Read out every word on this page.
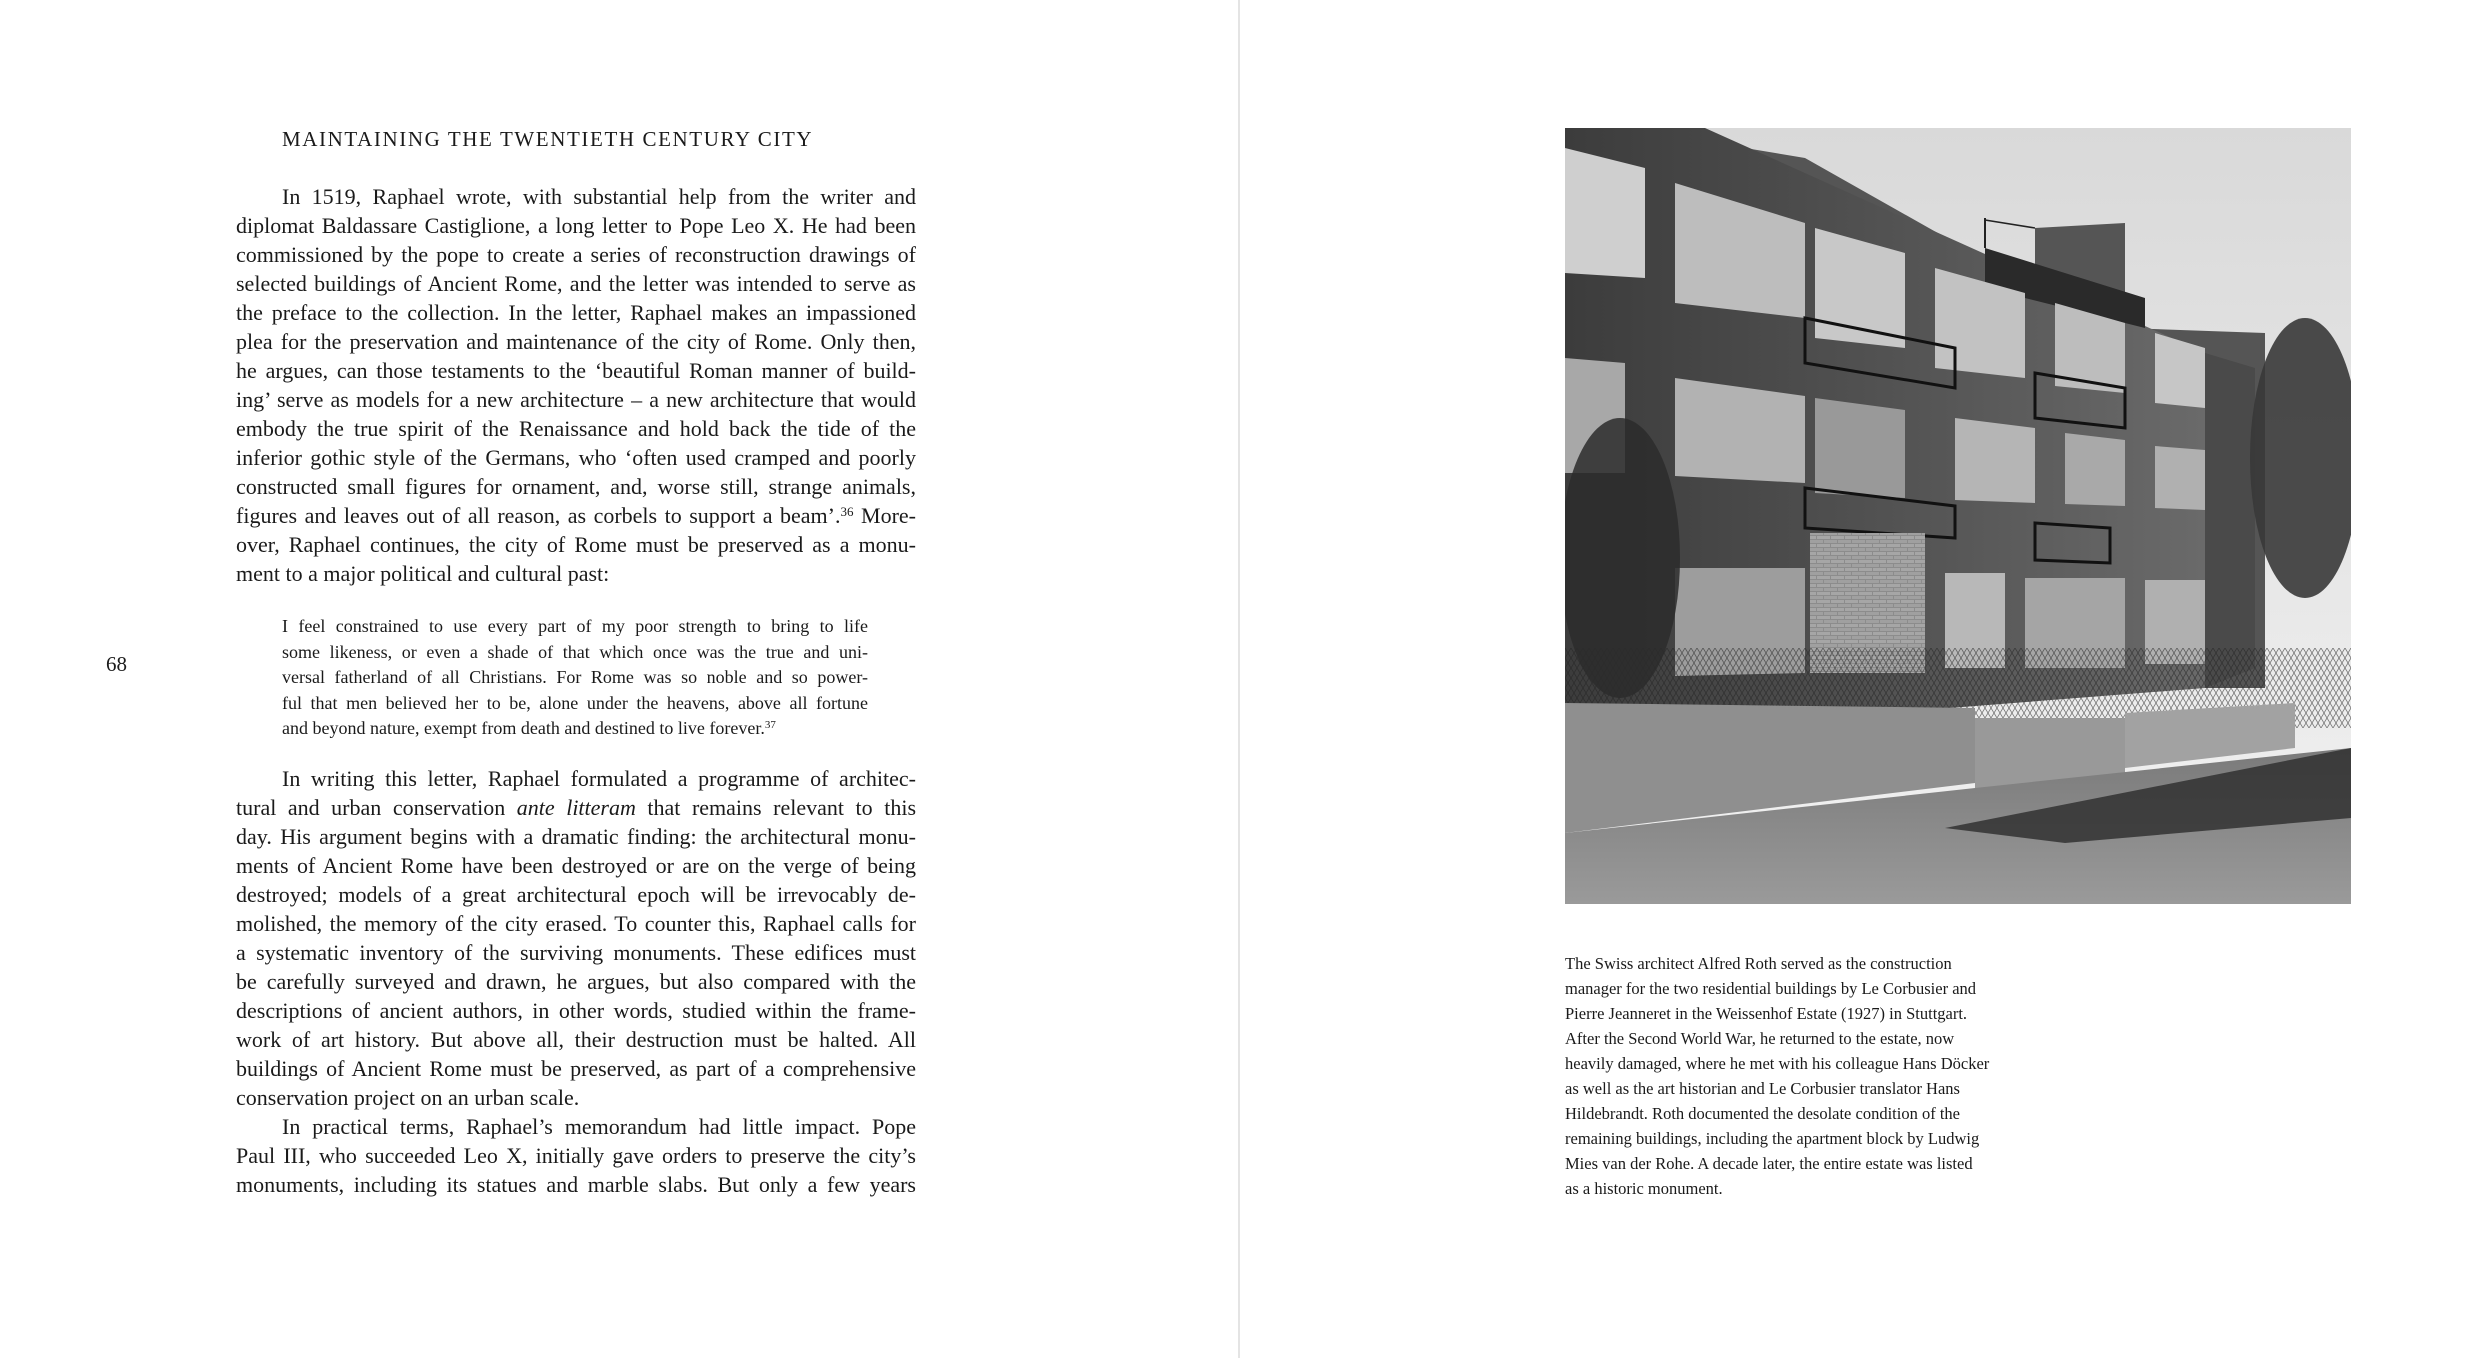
MAINTAINING THE TWENTIETH CENTURY CITY
In 1519, Raphael wrote, with substantial help from the writer and
diplomat Baldassare Castiglione, a long letter to Pope Leo X. He had been
commissioned by the pope to create a series of reconstruction drawings of
selected buildings of Ancient Rome, and the letter was intended to serve as
the preface to the collection. In the letter, Raphael makes an impassioned
plea for the preservation and maintenance of the city of Rome. Only then,
he argues, can those testaments to the ‘beautiful Roman manner of build-
ing’ serve as models for a new architecture – a new architecture that would
embody the true spirit of the Renaissance and hold back the tide of the
inferior gothic style of the Germans, who ‘often used cramped and poorly
constructed small figures for ornament, and, worse still, strange animals,
figures and leaves out of all reason, as corbels to support a beam’.$^{36}$ More-
over, Raphael continues, the city of Rome must be preserved as a monu-
ment to a major political and cultural past:
I feel constrained to use every part of my poor strength to bring to life
some likeness, or even a shade of that which once was the true and uni-
versal fatherland of all Christians. For Rome was so noble and so power-
ful that men believed her to be, alone under the heavens, above all fortune
and beyond nature, exempt from death and destined to live forever.$^{37}$
68
In writing this letter, Raphael formulated a programme of architec-
tural and urban conservation ante litteram that remains relevant to this
day. His argument begins with a dramatic finding: the architectural monu-
ments of Ancient Rome have been destroyed or are on the verge of being
destroyed; models of a great architectural epoch will be irrevocably de-
molished, the memory of the city erased. To counter this, Raphael calls for
a systematic inventory of the surviving monuments. These edifices must
be carefully surveyed and drawn, he argues, but also compared with the
descriptions of ancient authors, in other words, studied within the frame-
work of art history. But above all, their destruction must be halted. All
buildings of Ancient Rome must be preserved, as part of a comprehensive
conservation project on an urban scale.
In practical terms, Raphael’s memorandum had little impact. Pope
Paul III, who succeeded Leo X, initially gave orders to preserve the city’s
monuments, including its statues and marble slabs. But only a few years
The Swiss architect Alfred Roth served as the construction
manager for the two residential buildings by Le Corbusier and
Pierre Jeanneret in the Weissenhof Estate (1927) in Stuttgart.
After the Second World War, he returned to the estate, now
heavily damaged, where he met with his colleague Hans Döcker
as well as the art historian and Le Corbusier translator Hans
Hildebrandt. Roth documented the desolate condition of the
remaining buildings, including the apartment block by Ludwig
Mies van der Rohe. A decade later, the entire estate was listed
as a historic monument.
